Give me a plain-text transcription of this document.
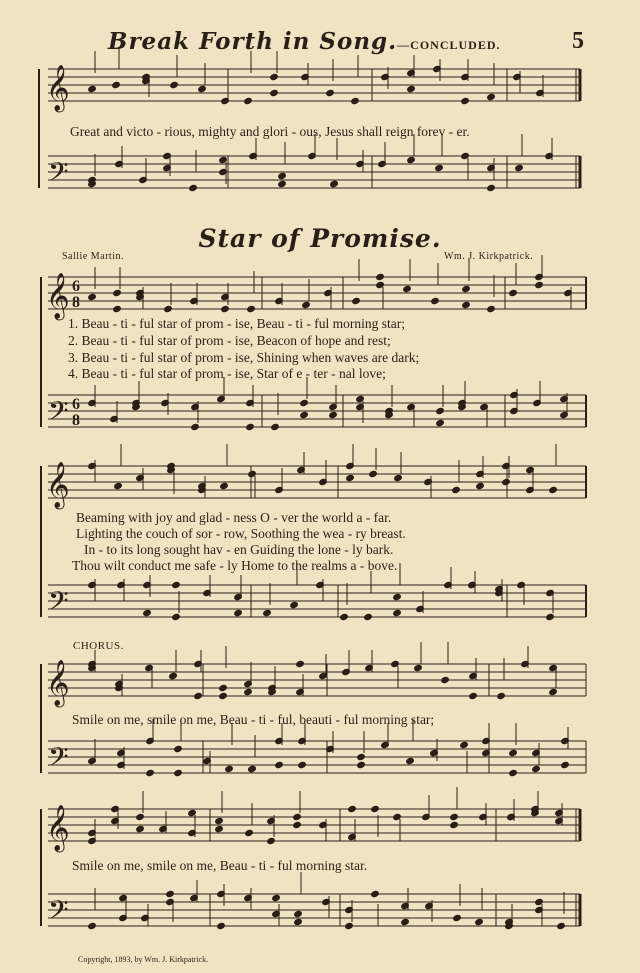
5
Break Forth in Song.—CONCLUDED.
𝄞
𝄢
𝄞
𝄢
𝄞
𝄢
𝄞
𝄢
𝄞
𝄢
6
8
6
8
Great and victo - rious, mighty and glori - ous, Jesus shall reign forev - er.
Star of Promise.
Sallie Martin.	Wm. J. Kirkpatrick.
1. Beau - ti - ful star of prom - ise, Beau - ti - ful morning star;
2. Beau - ti - ful star of prom - ise, Beacon of hope and rest;
3. Beau - ti - ful star of prom - ise, Shining when waves are dark;
4. Beau - ti - ful star of prom - ise, Star of e - ter - nal love;
Beaming with joy and glad - ness O - ver the world a - far.
Lighting the couch of sor - row, Soothing the wea - ry breast.
In - to its long sought hav - en Guiding the lone - ly bark.
Thou wilt conduct me safe - ly Home to the realms a - bove.
CHORUS.
Smile on me, smile on me, Beau - ti - ful, beauti - ful morning star;
Smile on me, smile on me, Beau - ti - ful morning star.
Copyright, 1893, by Wm. J. Kirkpatrick.
